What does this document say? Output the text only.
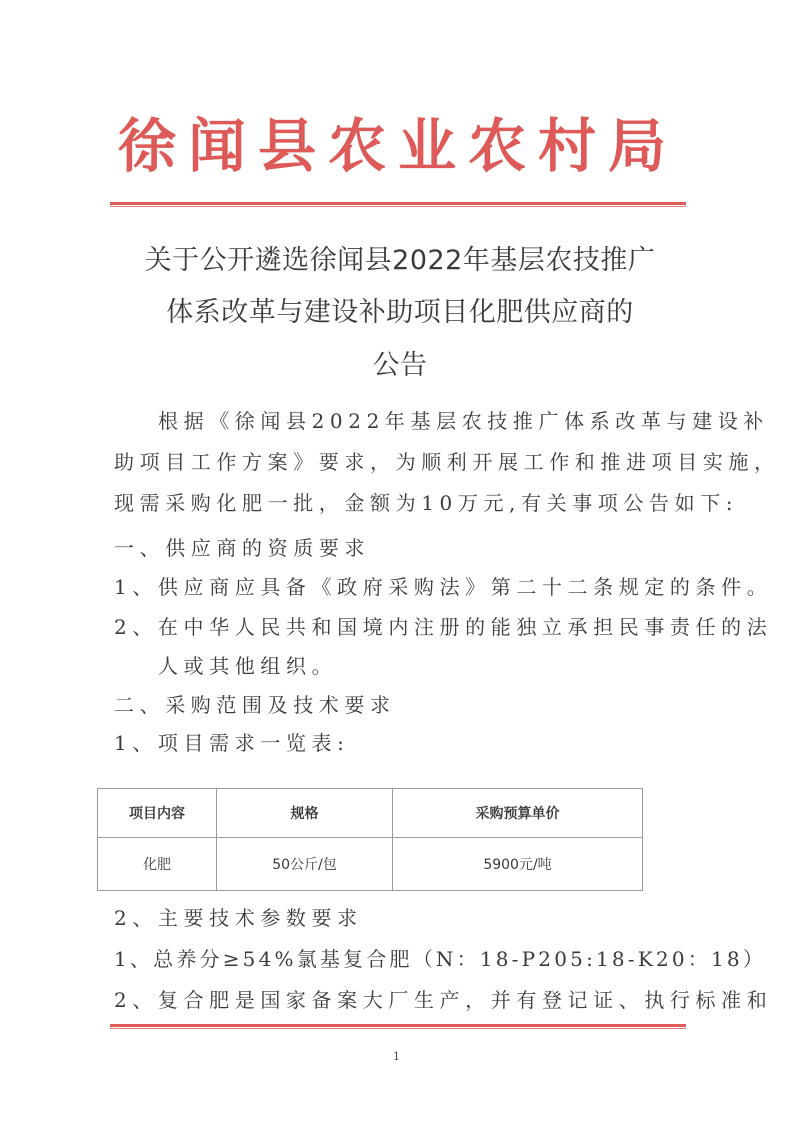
徐闻县农业农村局
关于公开遴选徐闻县2022年基层农技推广
体系改革与建设补助项目化肥供应商的
公告
根据《徐闻县2022年基层农技推广体系改革与建设补
助项目工作方案》要求，为顺利开展工作和推进项目实施，
现需采购化肥一批，金额为10万元,有关事项公告如下:
一、供应商的资质要求
1、供应商应具备《政府采购法》第二十二条规定的条件。
2、在中华人民共和国境内注册的能独立承担民事责任的法
人或其他组织。
二、采购范围及技术要求
1、项目需求一览表:
项目内容	规格	采购预算单价
化肥	50公斤/包	5900元/吨
2、主要技术参数要求
1、总养分≥54%氯基复合肥（N：18-P205:18-K20：18）
2、复合肥是国家备案大厂生产，并有登记证、执行标准和
1
